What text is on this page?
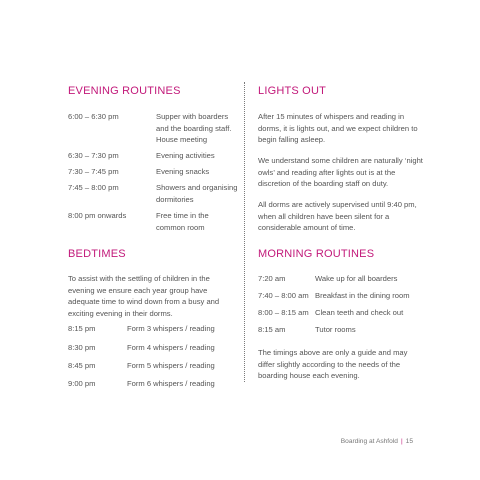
EVENING ROUTINES
6:00 – 6:30 pm	Supper with boarders and the boarding staff. House meeting
6:30 – 7:30 pm	Evening activities
7:30 – 7:45 pm	Evening snacks
7:45 – 8:00 pm	Showers and organising dormitories
8:00 pm onwards	Free time in the common room
BEDTIMES
To assist with the settling of children in the evening we ensure each year group have adequate time to wind down from a busy and exciting evening in their dorms.
8:15 pm	Form 3 whispers / reading
8:30 pm	Form 4 whispers / reading
8:45 pm	Form 5 whispers / reading
9:00 pm	Form 6 whispers / reading
LIGHTS OUT
After 15 minutes of whispers and reading in dorms, it is lights out, and we expect children to begin falling asleep.
We understand some children are naturally ‘night owls’ and reading after lights out is at the discretion of the boarding staff on duty.
All dorms are actively supervised until 9:40 pm, when all children have been silent for a considerable amount of time.
MORNING ROUTINES
7:20 am	Wake up for all boarders
7:40 – 8:00 am Breakfast in the dining room
8:00 – 8:15 am Clean teeth and check out
8:15 am	Tutor rooms
The timings above are only a guide and may differ slightly according to the needs of the boarding house each evening.
Boarding at Ashfold | 15
